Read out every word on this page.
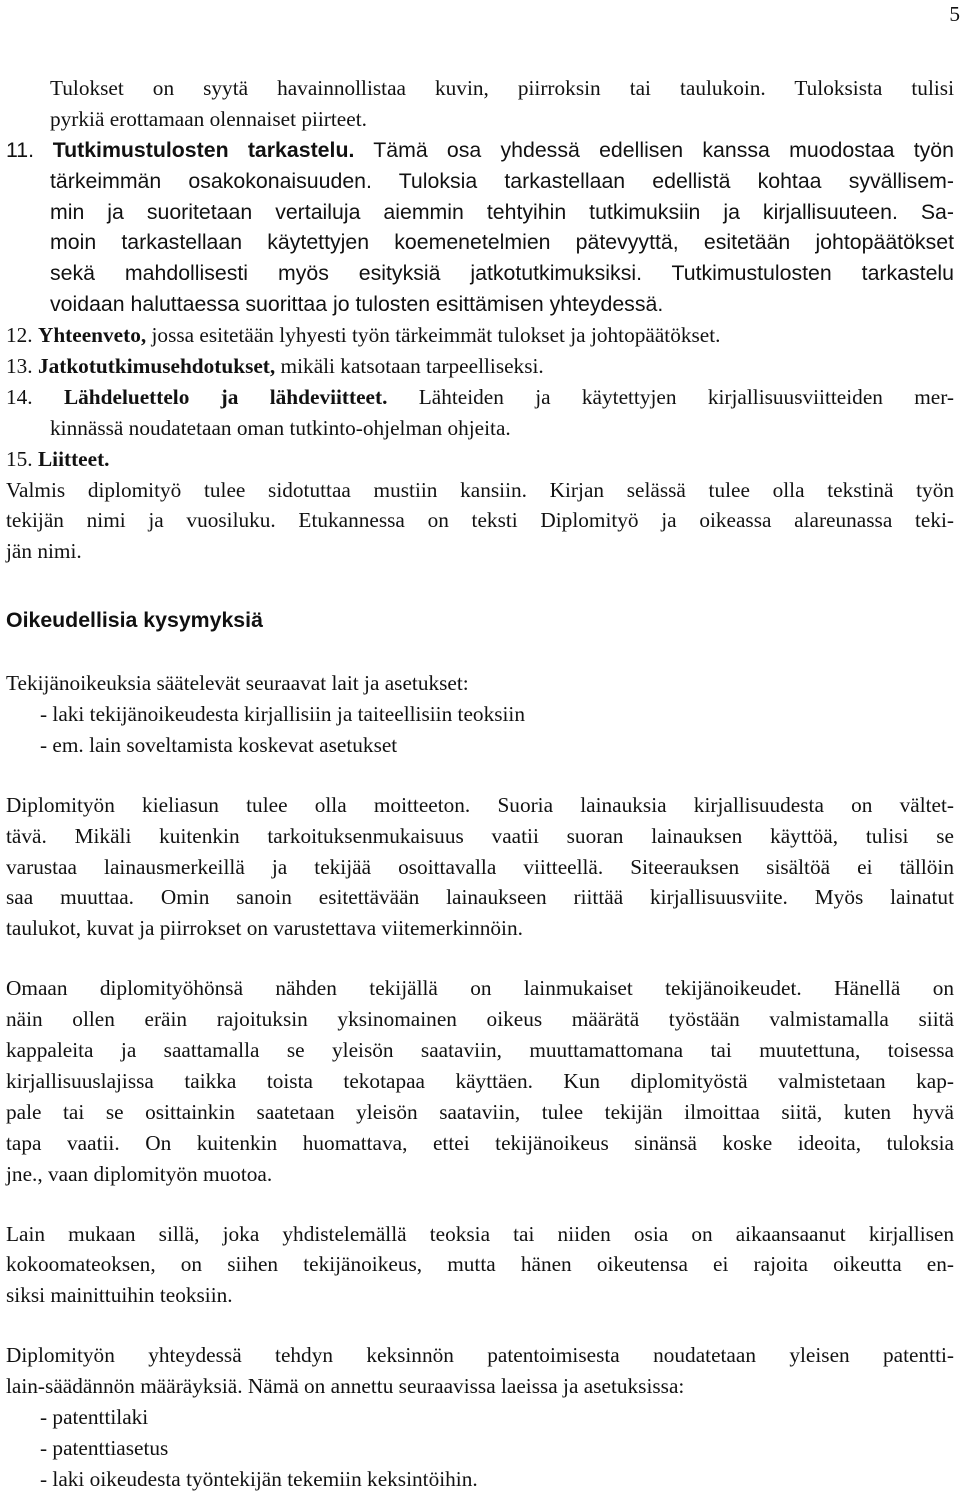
5
Tulokset on syytä havainnollistaa kuvin, piirroksin tai taulukoin. Tuloksista tulisi
pyrkiä erottamaan olennaiset piirteet.
11. Tutkimustulosten tarkastelu. Tämä osa yhdessä edellisen kanssa muodostaa työn
tärkeimmän osakokonaisuuden. Tuloksia tarkastellaan edellistä kohtaa syvällisem-
min ja suoritetaan vertailuja aiemmin tehtyihin tutkimuksiin ja kirjallisuuteen. Sa-
moin tarkastellaan käytettyjen koemenetelmien pätevyyttä, esitetään johtopäätökset
sekä mahdollisesti myös esityksiä jatkotutkimuksiksi. Tutkimustulosten tarkastelu
voidaan haluttaessa suorittaa jo tulosten esittämisen yhteydessä.
12. Yhteenveto, jossa esitetään lyhyesti työn tärkeimmät tulokset ja johtopäätökset.
13. Jatkotutkimusehdotukset, mikäli katsotaan tarpeelliseksi.
14. Lähdeluettelo ja lähdeviitteet. Lähteiden ja käytettyjen kirjallisuusviitteiden mer-
kinnässä noudatetaan oman tutkinto-ohjelman ohjeita.
15. Liitteet.
Valmis diplomityö tulee sidotuttaa mustiin kansiin. Kirjan selässä tulee olla tekstinä työn
tekijän nimi ja vuosiluku. Etukannessa on teksti Diplomityö ja oikeassa alareunassa teki-
jän nimi.
Oikeudellisia kysymyksiä
Tekijänoikeuksia säätelevät seuraavat lait ja asetukset:
- laki tekijänoikeudesta kirjallisiin ja taiteellisiin teoksiin
- em. lain soveltamista koskevat asetukset
Diplomityön kieliasun tulee olla moitteeton. Suoria lainauksia kirjallisuudesta on vältet-
tävä. Mikäli kuitenkin tarkoituksenmukaisuus vaatii suoran lainauksen käyttöä, tulisi se
varustaa lainausmerkeillä ja tekijää osoittavalla viitteellä. Siteerauksen sisältöä ei tällöin
saa muuttaa. Omin sanoin esitettävään lainaukseen riittää kirjallisuusviite. Myös lainatut
taulukot, kuvat ja piirrokset on varustettava viitemerkinnöin.
Omaan diplomityöhönsä nähden tekijällä on lainmukaiset tekijänoikeudet. Hänellä on
näin ollen eräin rajoituksin yksinomainen oikeus määrätä työstään valmistamalla siitä
kappaleita ja saattamalla se yleisön saataviin, muuttamattomana tai muutettuna, toisessa
kirjallisuuslajissa taikka toista tekotapaa käyttäen. Kun diplomityöstä valmistetaan kap-
pale tai se osittainkin saatetaan yleisön saataviin, tulee tekijän ilmoittaa siitä, kuten hyvä
tapa vaatii. On kuitenkin huomattava, ettei tekijänoikeus sinänsä koske ideoita, tuloksia
jne., vaan diplomityön muotoa.
Lain mukaan sillä, joka yhdistelemällä teoksia tai niiden osia on aikaansaanut kirjallisen
kokoomateoksen, on siihen tekijänoikeus, mutta hänen oikeutensa ei rajoita oikeutta en-
siksi mainittuihin teoksiin.
Diplomityön yhteydessä tehdyn keksinnön patentoimisesta noudatetaan yleisen patentti-
lain-säädännön määräyksiä. Nämä on annettu seuraavissa laeissa ja asetuksissa:
- patenttilaki
- patenttiasetus
- laki oikeudesta työntekijän tekemiin keksintöihin.
